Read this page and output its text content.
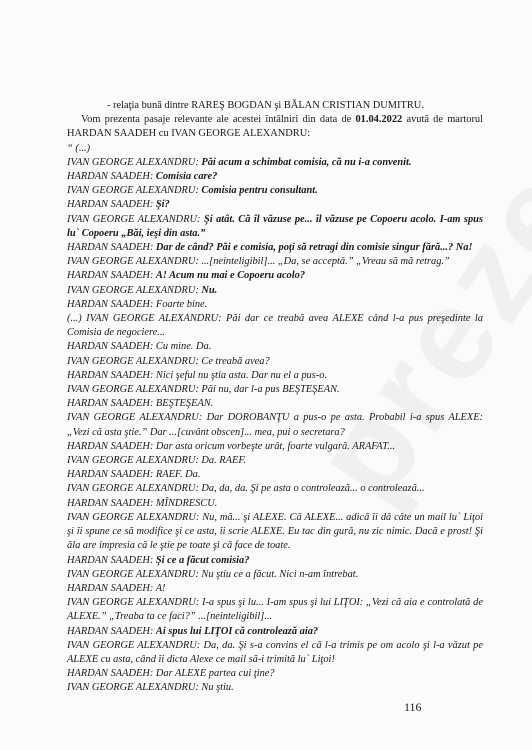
- relaţia bună dintre RAREŞ BOGDAN şi BĂLAN CRISTIAN DUMITRU.

Vom prezenta pasaje relevante ale acestei întâlniri din data de 01.04.2022 avută de martorul HARDAN SAADEH cu IVAN GEORGE ALEXANDRU:

“ (...)

IVAN GEORGE ALEXANDRU: Păi acum a schimbat comisia, că nu i-a convenit.

HARDAN SAADEH: Comisia care?

IVAN GEORGE ALEXANDRU: Comisia pentru consultant.

HARDAN SAADEH: Şi?

IVAN GEORGE ALEXANDRU: Şi atât. Că îl văzuse pe... îl văzuse pe Copoeru acolo. I-am spus lu` Copoeru „Băi, ieşi din asta.”

HARDAN SAADEH: Dar de când? Păi e comisia, poţi să retragi din comisie singur fără...? Na!

IVAN GEORGE ALEXANDRU: ...[neinteligibil]... „Da, se acceptă.” „Vreau să mă retrag.”

HARDAN SAADEH: A! Acum nu mai e Copoeru acolo?

IVAN GEORGE ALEXANDRU: Nu.

HARDAN SAADEH: Foarte bine.

(...) IVAN GEORGE ALEXANDRU: Păi dar ce treabă avea ALEXE când l-a pus preşedinte la Comisia de negociere...

HARDAN SAADEH: Cu mine. Da.

IVAN GEORGE ALEXANDRU: Ce treabă avea?

HARDAN SAADEH: Nici şeful nu ştia asta. Dar nu el a pus-o.

IVAN GEORGE ALEXANDRU: Păi nu, dar l-a pus BEŞTEŞEAN.

HARDAN SAADEH: BEŞTEŞEAN.

IVAN GEORGE ALEXANDRU: Dar DOROBANŢU a pus-o pe asta. Probabil i-a spus ALEXE: „Vezi că asta ştie.” Dar ...[cuvânt obscen]... mea, pui o secretara?

HARDAN SAADEH: Dar asta oricum vorbeşte urât, foarte vulgară. ARAFAT...

IVAN GEORGE ALEXANDRU: Da. RAEF.

HARDAN SAADEH: RAEF. Da.

IVAN GEORGE ALEXANDRU: Da, da, da. Şi pe asta o controlează... o controlează...

HARDAN SAADEH: MÎNDRESCU.

IVAN GEORGE ALEXANDRU: Nu, mă... şi ALEXE. Că ALEXE... adică îi dă câte un mail lu` Liţoi şi îi spune ce să modifice şi ce asta, îi scrie ALEXE. Eu tac din gură, nu zic nimic. Dacă e prost! Şi ăla are impresia că le ştie pe toate şi că face de toate.

HARDAN SAADEH: Şi ce a făcut comisia?

IVAN GEORGE ALEXANDRU: Nu ştiu ce a făcut. Nici n-am întrebat.

HARDAN SAADEH: A!

IVAN GEORGE ALEXANDRU: I-a spus şi lu... I-am spus şi lui LIŢOI: „Vezi că aia e controlată de ALEXE.” „Treaba ta ce faci?” ...[neinteligibil]...

HARDAN SAADEH: Ai spus lui LIŢOI că controlează aia?

IVAN GEORGE ALEXANDRU: Da, da. Şi s-a convins el că l-a trimis pe om acolo şi l-a văzut pe ALEXE cu asta, când îi dicta Alexe ce mail să-i trimită lu` Liţoi!

HARDAN SAADEH: Dar ALEXE partea cui ţine?

IVAN GEORGE ALEXANDRU: Nu ştiu.

116
